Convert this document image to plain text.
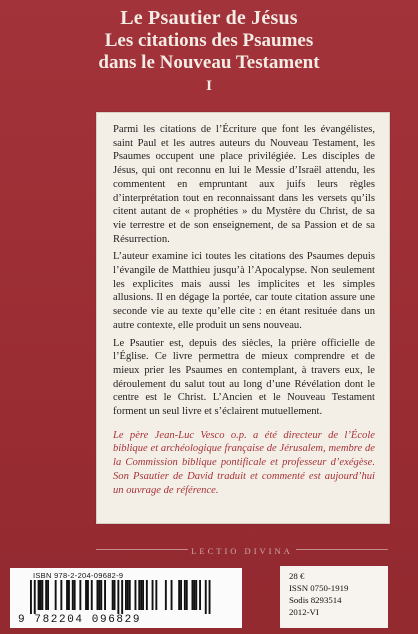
Le Psautier de Jésus
Les citations des Psaumes
dans le Nouveau Testament
I

Parmi les citations de l’Écriture que font les évangélistes, saint Paul et les autres auteurs du Nouveau Testament, les Psaumes occupent une place privilégiée. Les disciples de Jésus, qui ont reconnu en lui le Messie d’Israël attendu, les commentent en empruntant aux juifs leurs règles d’interprétation tout en reconnaissant dans les versets qu’ils citent autant de « prophéties » du Mystère du Christ, de sa vie terrestre et de son enseignement, de sa Passion et de sa Résurrection.

L’auteur examine ici toutes les citations des Psaumes depuis l’évangile de Matthieu jusqu’à l’Apocalypse. Non seulement les explicites mais aussi les implicites et les simples allusions. Il en dégage la portée, car toute citation assure une seconde vie au texte qu’elle cite : en étant resituée dans un autre contexte, elle produit un sens nouveau.

Le Psautier est, depuis des siècles, la prière officielle de l’Église. Ce livre permettra de mieux comprendre et de mieux prier les Psaumes en contemplant, à travers eux, le déroulement du salut tout au long d’une Révélation dont le centre est le Christ. L’Ancien et le Nouveau Testament forment un seul livre et s’éclairent mutuellement.

Le père Jean-Luc Vesco o.p. a été directeur de l’École biblique et archéologique française de Jérusalem, membre de la Commission biblique pontificale et professeur d’exégèse. Son Psautier de David traduit et commenté est aujourd’hui un ouvrage de référence.

LECTIO DIVINA
ISBN 978-2-204-09682-9
9 782204 096829
28 €
ISSN 0750-1919
Sodis 8293514
2012-VI
